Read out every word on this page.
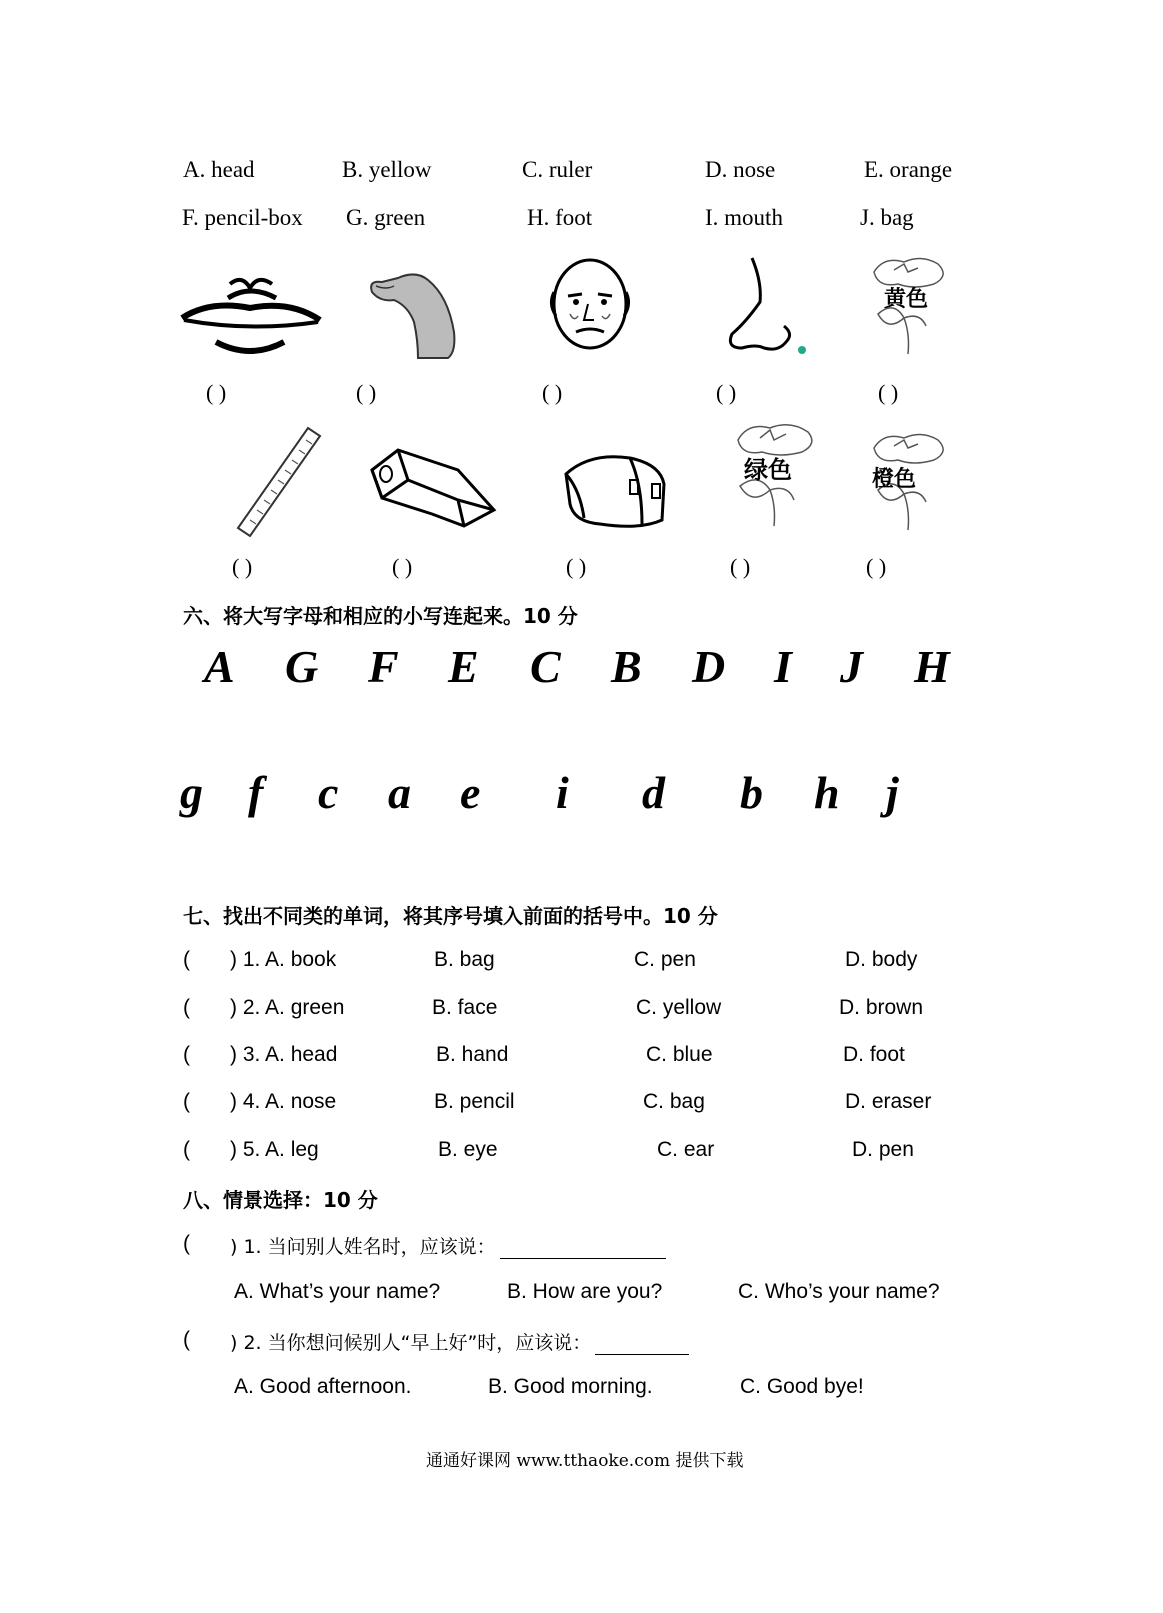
A. head	B. yellow	C. ruler	D. nose	E. orange
F. pencil-box G. green	H. foot	I. mouth	J. bag
黄色
( )	( )	( )	( )	( )
绿色	橙色
( )	( )	( )	( )	( )
六、将大写字母和相应的小写连起来。10 分
A G F E C B D I J H
g f c a e i d b h j
七、找出不同类的单词，将其序号填入前面的括号中。10 分
( ) 1. A. book	B. bag	C. pen	D. body
( ) 2. A. green	B. face	C. yellow	D. brown
( ) 3. A. head	B. hand	C. blue	D. foot
( ) 4. A. nose	B. pencil	C. bag	D. eraser
( ) 5. A. leg	B. eye	C. ear	D. pen
八、情景选择：10 分
( ) 1. 当问别人姓名时，应该说：
A. What’s your name?	B. How are you?	C. Who’s your name?
( ) 2. 当你想问候别人“早上好”时，应该说：
A. Good afternoon.	B. Good morning.	C. Good bye!
通通好课网 www.tthaoke.com 提供下载
